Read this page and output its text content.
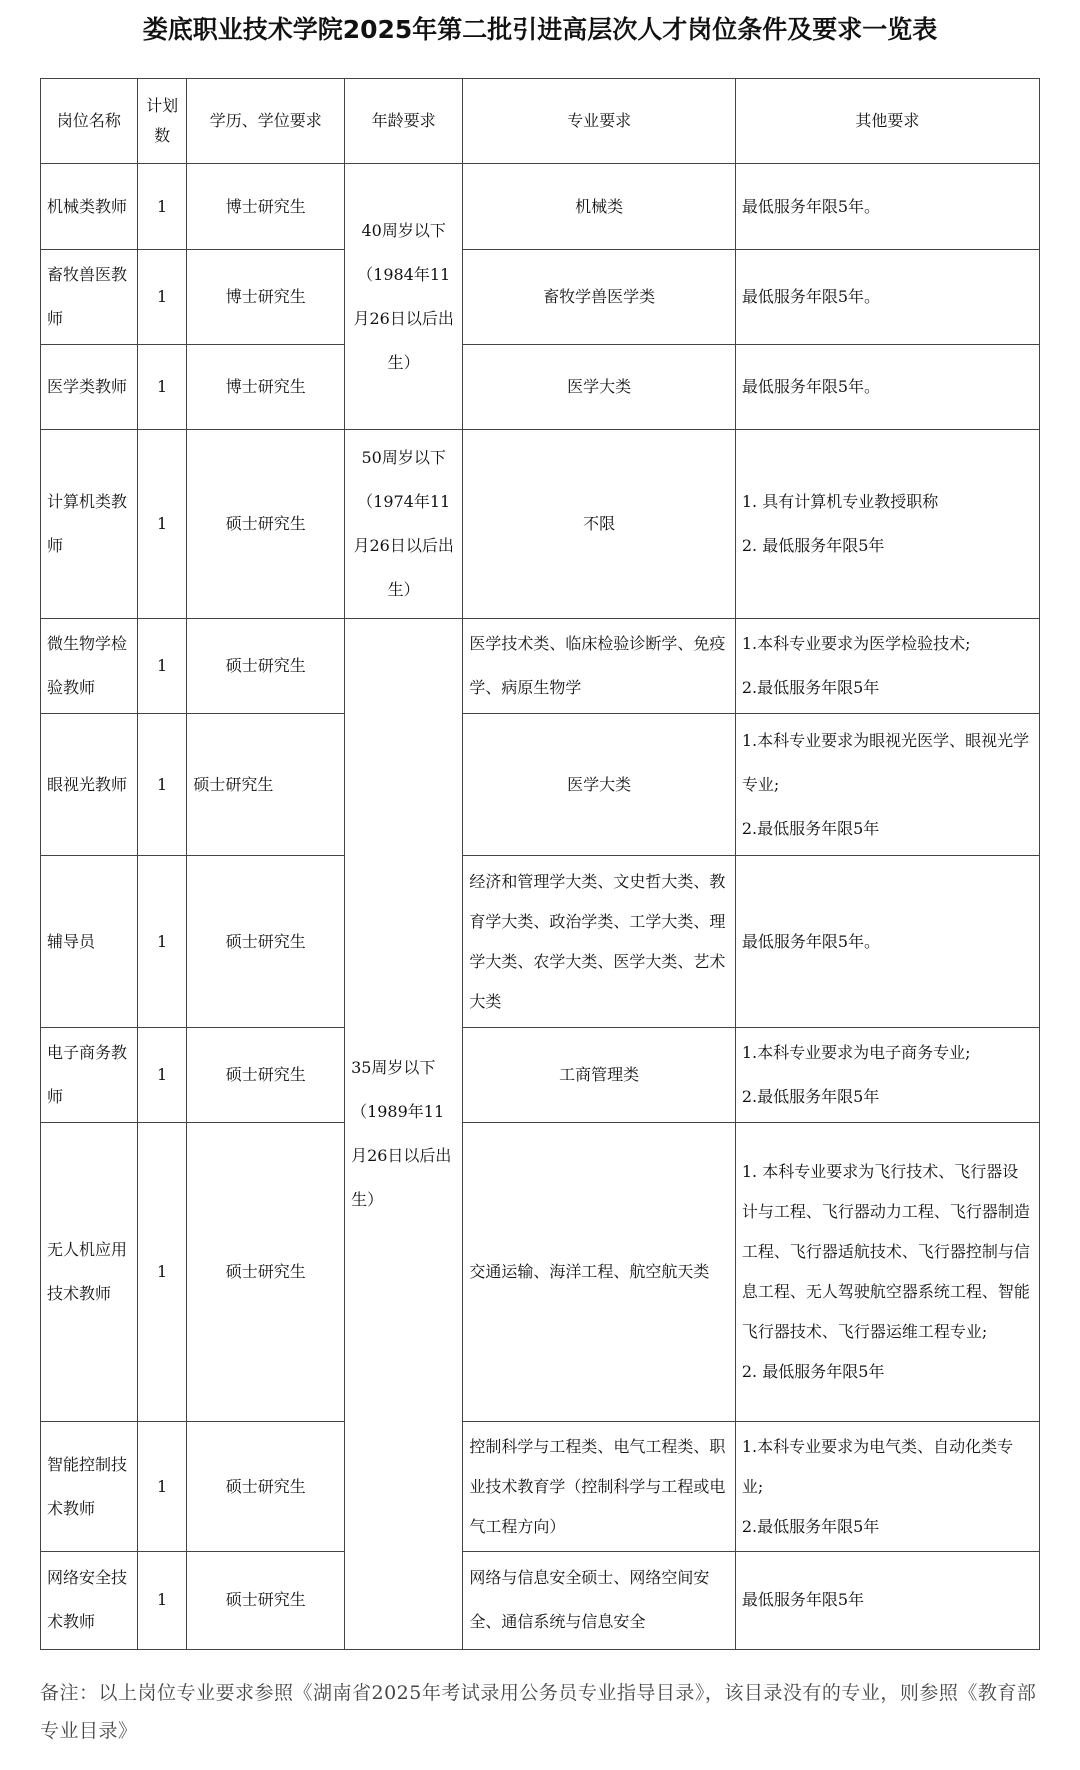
娄底职业技术学院2025年第二批引进高层次人才岗位条件及要求一览表
岗位名称	计划数	学历、学位要求	年龄要求	专业要求	其他要求
机械类教师	1	博士研究生	40周岁以下（1984年11月26日以后出生）	机械类	最低服务年限5年。
畜牧兽医教师	1	博士研究生		畜牧学兽医学类	最低服务年限5年。
医学类教师	1	博士研究生		医学大类	最低服务年限5年。
计算机类教师	1	硕士研究生	50周岁以下（1974年11月26日以后出生）	不限	1. 具有计算机专业教授职称
2. 最低服务年限5年
微生物学检验教师	1	硕士研究生	35周岁以下（1989年11月26日以后出生）	医学技术类、临床检验诊断学、免疫学、病原生物学	1.本科专业要求为医学检验技术;
2.最低服务年限5年
眼视光教师	1	硕士研究生		医学大类	1.本科专业要求为眼视光医学、眼视光学专业;
2.最低服务年限5年
辅导员	1	硕士研究生		经济和管理学大类、文史哲大类、教育学大类、政治学类、工学大类、理学大类、农学大类、医学大类、艺术大类	最低服务年限5年。
电子商务教师	1	硕士研究生		工商管理类	1.本科专业要求为电子商务专业;
2.最低服务年限5年
无人机应用技术教师	1	硕士研究生		交通运输、海洋工程、航空航天类	1. 本科专业要求为飞行技术、飞行器设计与工程、飞行器动力工程、飞行器制造工程、飞行器适航技术、飞行器控制与信息工程、无人驾驶航空器系统工程、智能飞行器技术、飞行器运维工程专业;
2. 最低服务年限5年
智能控制技术教师	1	硕士研究生		控制科学与工程类、电气工程类、职业技术教育学（控制科学与工程或电气工程方向）	1.本科专业要求为电气类、自动化类专业;
2.最低服务年限5年
网络安全技术教师	1	硕士研究生		网络与信息安全硕士、网络空间安全、通信系统与信息安全	最低服务年限5年
备注：以上岗位专业要求参照《湖南省2025年考试录用公务员专业指导目录》，该目录没有的专业，则参照《教育部专业目录》
